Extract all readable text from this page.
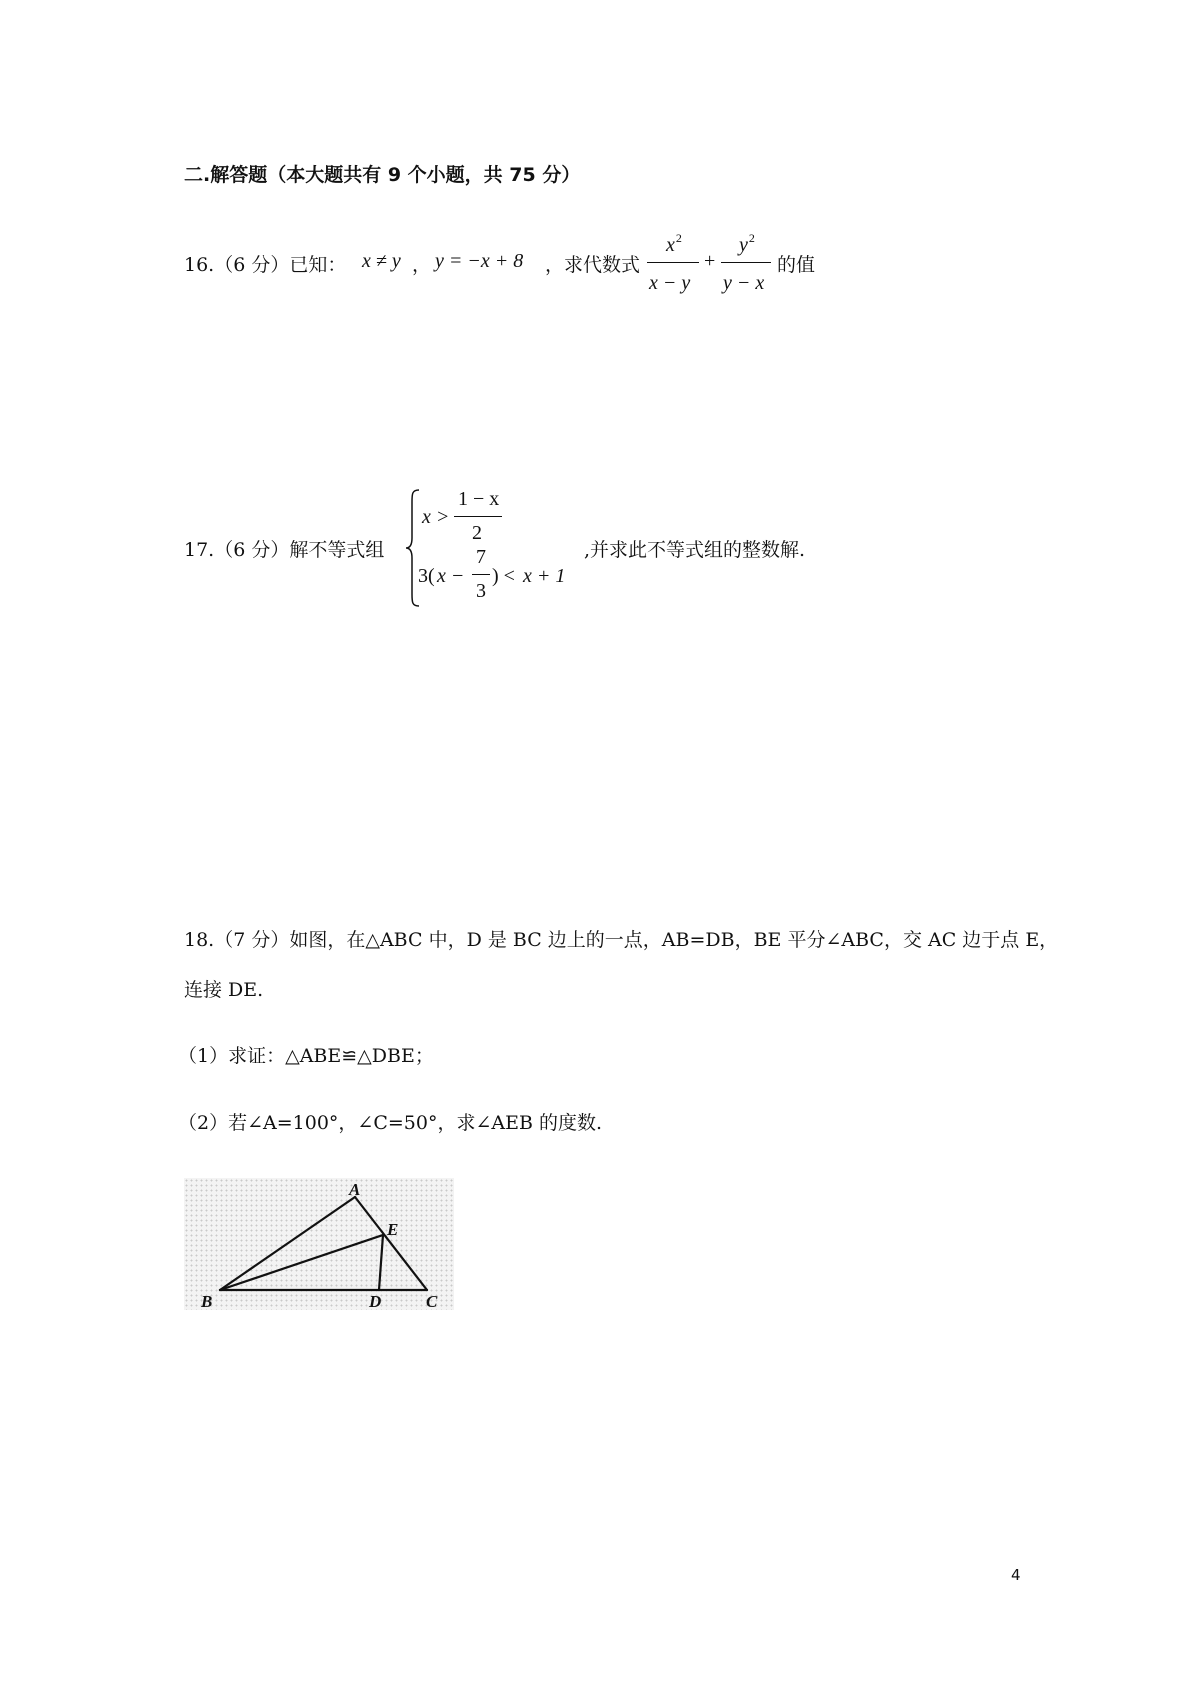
二.解答题（本大题共有 9 个小题，共 75 分）
16.（6 分）已知： x ≠ y ， y = −x + 8 ，求代数式
$x^2$
x − y
+
$y^2$
y − x
的值
17.（6 分）解不等式组
x >
1 − x
2
3( x −
7
3
) < x + 1
,并求此不等式组的整数解.
18.（7 分）如图，在△ABC 中，D 是 BC 边上的一点，AB=DB，BE 平分∠ABC，交 AC 边于点 E，
连接 DE.
（1）求证：△ABE≌△DBE；
（2）若∠A=100°，∠C=50°，求∠AEB 的度数.
A
E
B	D	C
4
